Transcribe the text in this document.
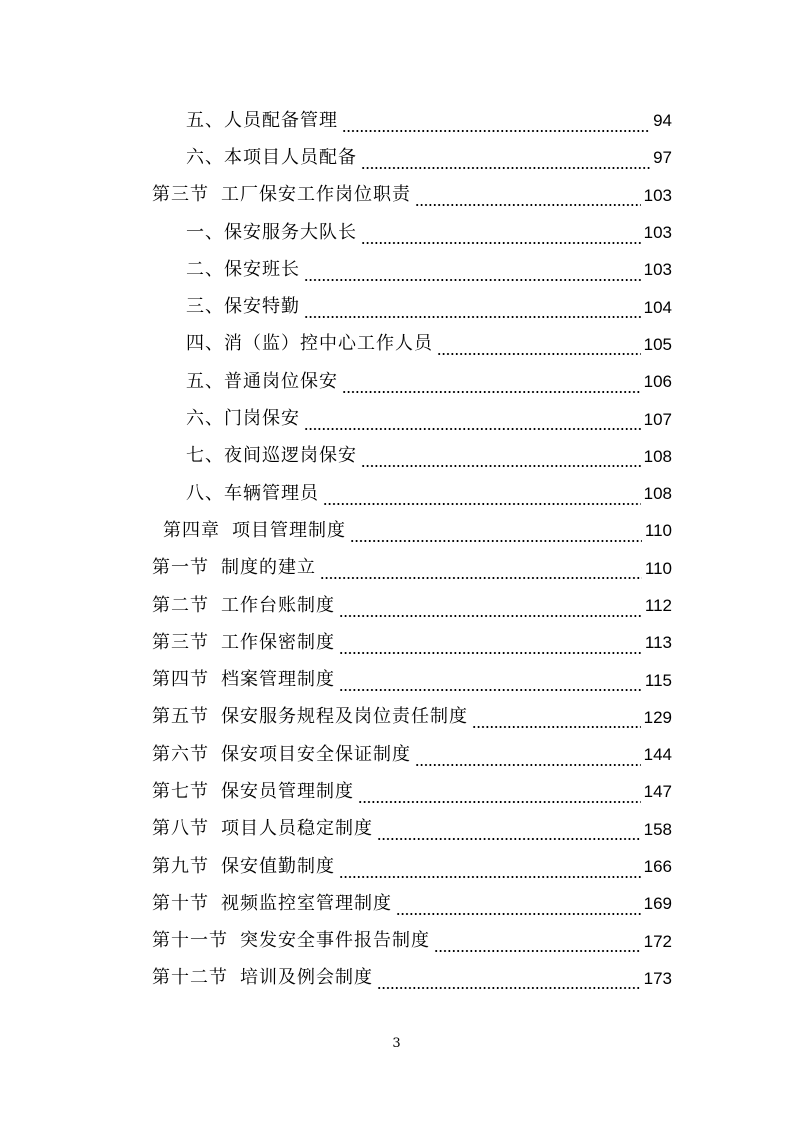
五、人员配备管理	94
六、本项目人员配备	97
第三节 工厂保安工作岗位职责	103
一、保安服务大队长	103
二、保安班长	103
三、保安特勤	104
四、消（监）控中心工作人员	105
五、普通岗位保安	106
六、门岗保安	107
七、夜间巡逻岗保安	108
八、车辆管理员	108
第四章 项目管理制度	110
第一节 制度的建立	110
第二节 工作台账制度	112
第三节 工作保密制度	113
第四节 档案管理制度	115
第五节 保安服务规程及岗位责任制度	129
第六节 保安项目安全保证制度	144
第七节 保安员管理制度	147
第八节 项目人员稳定制度	158
第九节 保安值勤制度	166
第十节 视频监控室管理制度	169
第十一节 突发安全事件报告制度	172
第十二节 培训及例会制度	173
3
